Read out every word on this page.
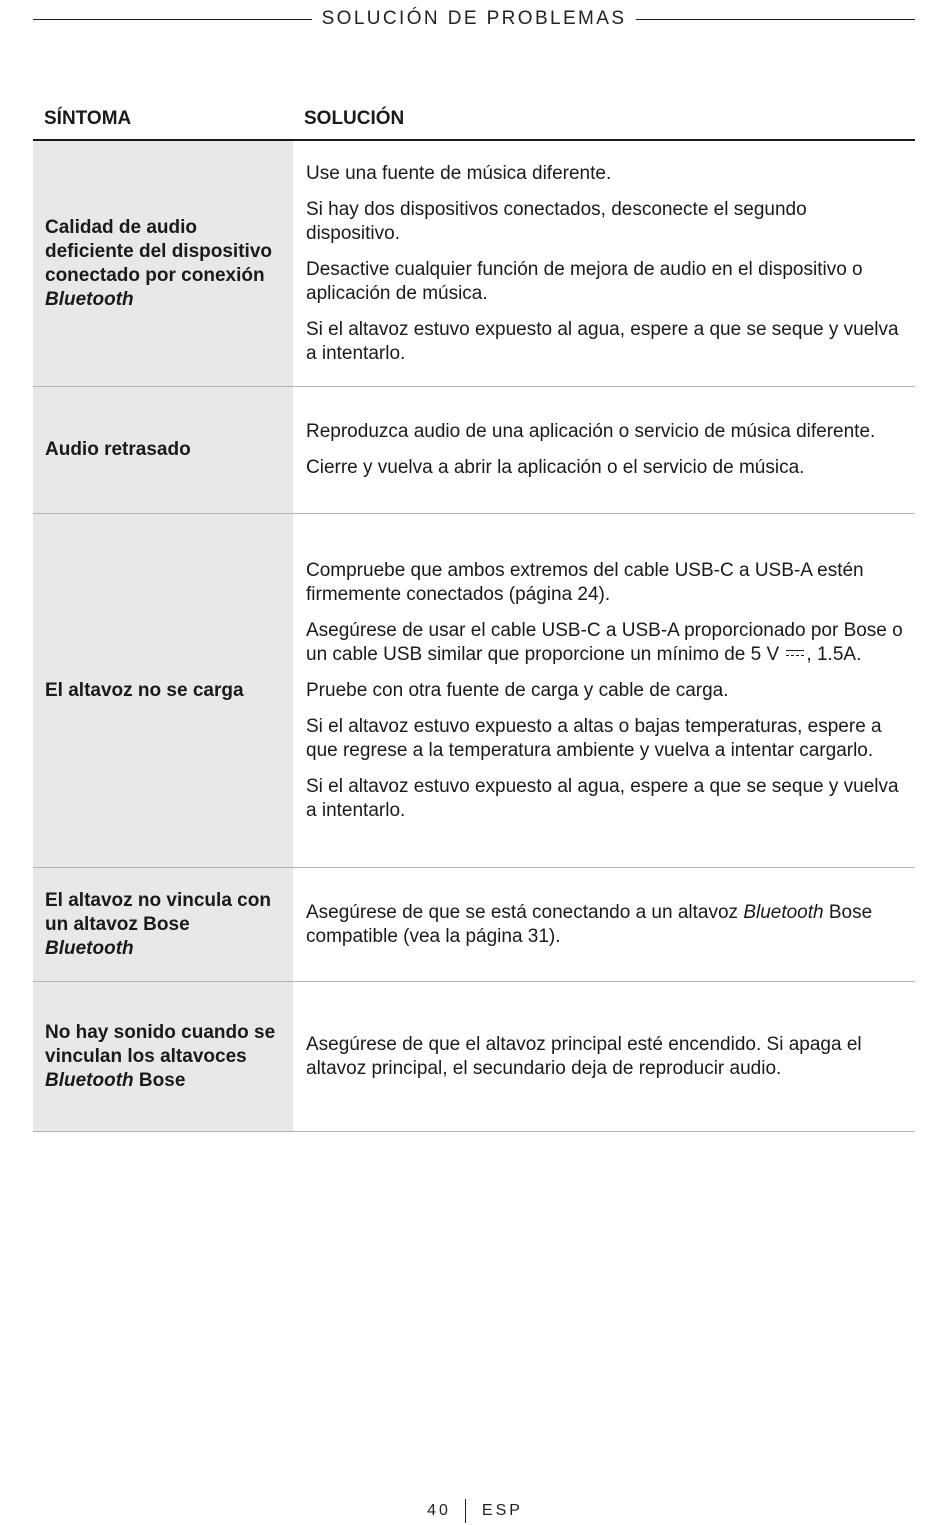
SOLUCIÓN DE PROBLEMAS
SÍNTOMA	SOLUCIÓN
Calidad de audio deficiente del dispositivo conectado por conexión Bluetooth

Use una fuente de música diferente.

Si hay dos dispositivos conectados, desconecte el segundo dispositivo.

Desactive cualquier función de mejora de audio en el dispositivo o aplicación de música.

Si el altavoz estuvo expuesto al agua, espere a que se seque y vuelva a intentarlo.

Audio retrasado

Reproduzca audio de una aplicación o servicio de música diferente.

Cierre y vuelva a abrir la aplicación o el servicio de música.

El altavoz no se carga

Compruebe que ambos extremos del cable USB-C a USB-A estén firmemente conectados (página 24).

Asegúrese de usar el cable USB-C a USB-A proporcionado por Bose o un cable USB similar que proporcione un mínimo de 5 V , 1.5A.

Pruebe con otra fuente de carga y cable de carga.

Si el altavoz estuvo expuesto a altas o bajas temperaturas, espere a que regrese a la temperatura ambiente y vuelva a intentar cargarlo.

Si el altavoz estuvo expuesto al agua, espere a que se seque y vuelva a intentarlo.

El altavoz no vincula con un altavoz Bose Bluetooth

Asegúrese de que se está conectando a un altavoz Bluetooth Bose compatible (vea la página 31).

No hay sonido cuando se vinculan los altavoces Bluetooth Bose

Asegúrese de que el altavoz principal esté encendido. Si apaga el altavoz principal, el secundario deja de reproducir audio.

40 ESP
